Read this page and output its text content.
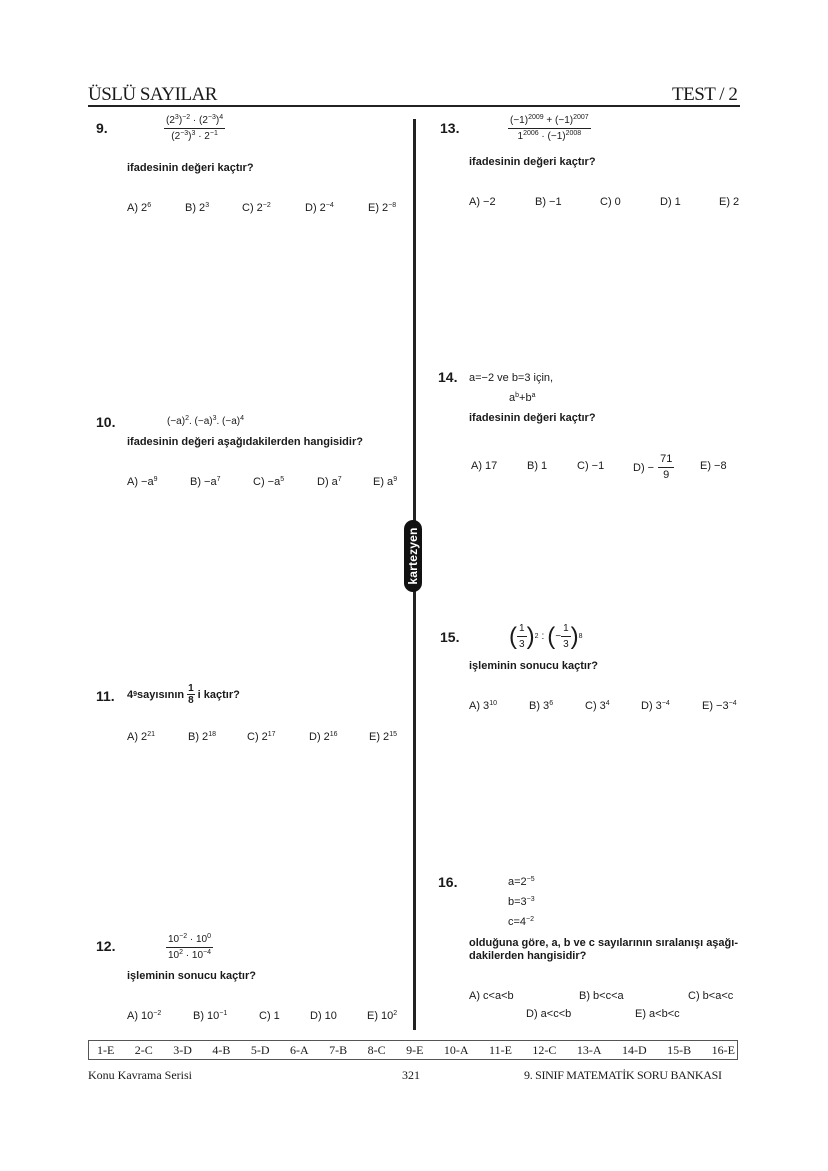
ÜSLÜ SAYILAR	TEST / 2
kartezyen
9.	$\frac{(2^3)^{-2} \cdot (2^{-3})^4}{(2^{-3})^3 \cdot 2^{-1}}$
ifadesinin değeri kaçtır?
A) $2^6$	B) $2^3$	C) $2^{-2}$	D) $2^{-4}$	E) $2^{-8}$
10.	$(-a)^2$. $(-a)^3$. $(-a)^4$
ifadesinin değeri aşağıdakilerden hangisidir?
$A) -a^9$	$B) -a^7$	$C) -a^5$	D) $a^7$	E) $a^9$
11. 4 9 sayısının 1
8 i kaçtır?
A) $2^{21}$	B) $2^{18}$	C) $2^{17}$	D) $2^{16}$	E) $2^{15}$
12.	$\frac{10^{-2} \cdot 10^0}{10^2 \cdot 10^{-4}}$
işleminin sonucu kaçtır?
A) $10^{-2}$	B) $10^{-1}$	C) 1	D) 10	E) $10^2$
13.	$\frac{(-1)^{2009} + (-1)^{2007}}{1^{2006} \cdot (-1)^{2008}}$
ifadesinin değeri kaçtır?
A) −2	B) −1	C) 0	D) 1	E) 2
14. a=−2 ve b=3 için,
$a^b+b^a$
ifadesinin değeri kaçtır?
A) 17	B) 1	C) −1	$D) - \frac{71}{9} E) -8$
15. ( $\frac{1}{3}$ ) 2 : ( − $\frac{1}{3}$ ) 8
işleminin sonucu kaçtır?
A) $3^{10}$	B) $3^6$	C) $3^4$	D) $3^{-4}$	$E) -3^{-4}$
16.	$a=2^{-5}$
$b=3^{-3}$
$c=4^{-2}$
olduğuna göre, a, b ve c sayılarının sıralanışı aşağı-
dakilerden hangisidir?
A) c<a<b	B) b<c<a	C) b<a<c
D) a<c<b	E) a<b<c
1-E 2-C 3-D 4-B 5-D 6-A 7-B 8-C 9-E 10-A 11-E 12-C 13-A 14-D 15-B 16-E
Konu Kavrama Serisi	321	9. SINIF MATEMATİK SORU BANKASI
